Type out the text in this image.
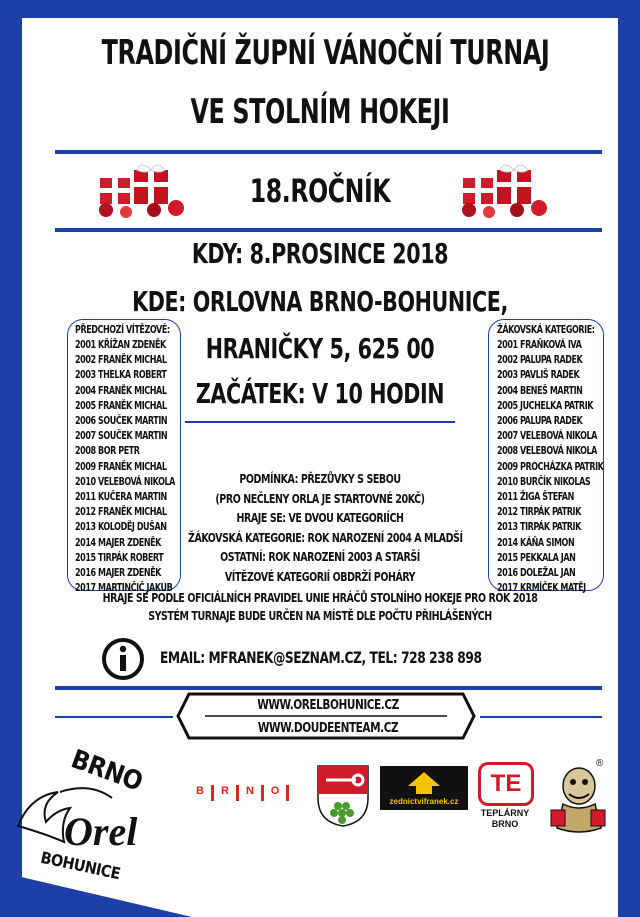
TRADIČNÍ ŽUPNÍ VÁNOČNÍ TURNAJ
VE STOLNÍM HOKEJI
18.ROČNÍK
KDY: 8.PROSINCE 2018
KDE: ORLOVNA BRNO-BOHUNICE,
HRANIČKY 5, 625 00
ZAČÁTEK: V 10 HODIN
PŘEDCHOZÍ VÍTĚZOVÉ:
2001 KŘÍŽAN ZDENĚK
2002 FRANĚK MICHAL
2003 THELKA ROBERT
2004 FRANĚK MICHAL
2005 FRANĚK MICHAL
2006 SOUČEK MARTIN
2007 SOUČEK MARTIN
2008 BOR PETR
2009 FRANĚK MICHAL
2010 VELEBOVÁ NIKOLA
2011 KUČERA MARTIN
2012 FRANĚK MICHAL
2013 KOLODĚJ DUŠAN
2014 MAJER ZDENĚK
2015 TIRPÁK ROBERT
2016 MAJER ZDENĚK
2017 MARTINČIČ JAKUB
ŽÁKOVSKÁ KATEGORIE:
2001 FRAŇKOVÁ IVA
2002 PALUPA RADEK
2003 PAVLIŠ RADEK
2004 BENEŠ MARTIN
2005 JUCHELKA PATRIK
2006 PALUPA RADEK
2007 VELEBOVÁ NIKOLA
2008 VELEBOVÁ NIKOLA
2009 PROCHÁZKA PATRIK
2010 BURČÍK NIKOLAS
2011 ŽIGA ŠTEFAN
2012 TIRPÁK PATRIK
2013 TIRPÁK PATRIK
2014 KÁŇA SIMON
2015 PEKKALA JAN
2016 DOLEŽAL JAN
2017 KRMÍČEK MATĚJ
PODMÍNKA: PŘEZŮVKY S SEBOU
(PRO NEČLENY ORLA JE STARTOVNÉ 20KČ)
HRAJE SE: VE DVOU KATEGORIÍCH
ŽÁKOVSKÁ KATEGORIE: ROK NAROZENÍ 2004 A MLADŠÍ
OSTATNÍ: ROK NAROZENÍ 2003 A STARŠÍ
VÍTĚZOVÉ KATEGORIÍ OBDRŽÍ POHÁRY
HRAJE SE PODLE OFICIÁLNÍCH PRAVIDEL UNIE HRÁČŮ STOLNÍHO HOKEJE PRO ROK 2018
SYSTÉM TURNAJE BUDE URČEN NA MÍSTĚ DLE POČTU PŘIHLÁŠENÝCH
EMAIL: MFRANEK@SEZNAM.CZ, TEL: 728 238 898
WWW.ORELBOHUNICE.CZ
WWW.DOUDEENTEAM.CZ
BRNO
Orel
BOHUNICE
B R N O
zednictvifranek.cz
TE
TEPLÁRNY
BRNO
®
